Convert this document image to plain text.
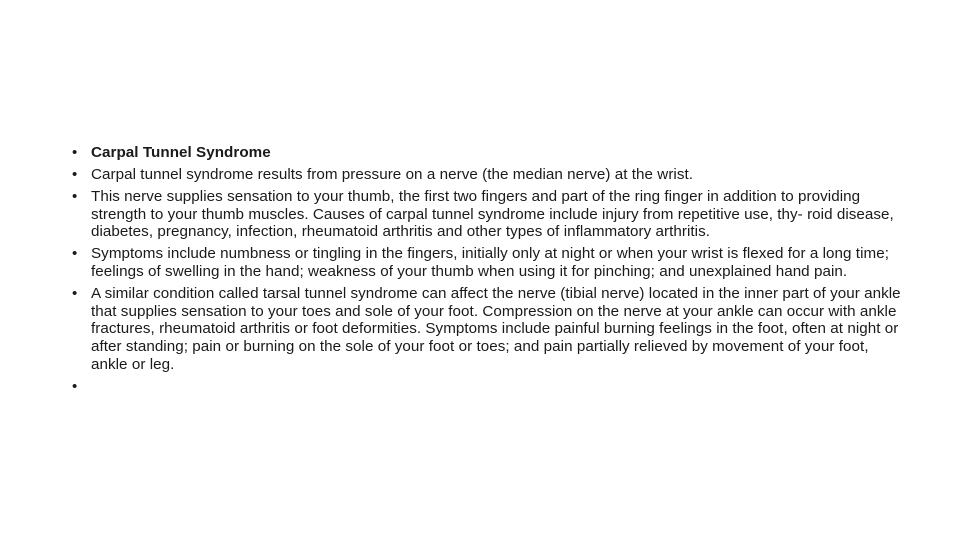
• Carpal Tunnel Syndrome
• Carpal tunnel syndrome results from pressure on a nerve (the median nerve) at the wrist.
• This nerve supplies sensation to your thumb, the first two fingers and part of the ring finger in addition to providing strength to your thumb muscles. Causes of carpal tunnel syndrome include injury from repetitive use, thy- roid disease, diabetes, pregnancy, infection, rheumatoid arthritis and other types of inflammatory arthritis.
• Symptoms include numbness or tingling in the fingers, initially only at night or when your wrist is flexed for a long time; feelings of swelling in the hand; weakness of your thumb when using it for pinching; and unexplained hand pain.
• A similar condition called tarsal tunnel syndrome can affect the nerve (tibial nerve) located in the inner part of your ankle that supplies sensation to your toes and sole of your foot. Compression on the nerve at your ankle can occur with ankle fractures, rheumatoid arthritis or foot deformities. Symptoms include painful burning feelings in the foot, often at night or after standing; pain or burning on the sole of your foot or toes; and pain partially relieved by movement of your foot, ankle or leg.
•
